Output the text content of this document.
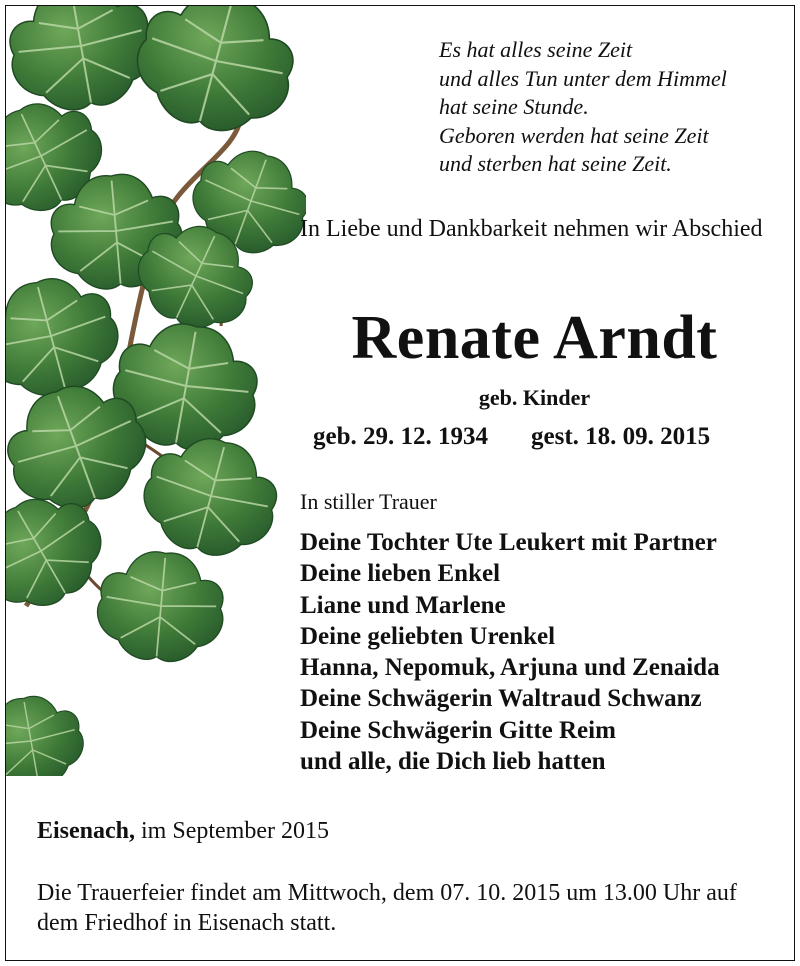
Es hat alles seine Zeit
und alles Tun unter dem Himmel
hat seine Stunde.
Geboren werden hat seine Zeit
und sterben hat seine Zeit.
In Liebe und Dankbarkeit nehmen wir Abschied
Renate Arndt
geb. Kinder
geb. 29. 12. 1934 gest. 18. 09. 2015
In stiller Trauer
Deine Tochter Ute Leukert mit Partner
Deine lieben Enkel
Liane und Marlene
Deine geliebten Urenkel
Hanna, Nepomuk, Arjuna und Zenaida
Deine Schwägerin Waltraud Schwanz
Deine Schwägerin Gitte Reim
und alle, die Dich lieb hatten
Eisenach, im September 2015
Die Trauerfeier findet am Mittwoch, dem 07. 10. 2015 um 13.00 Uhr auf dem Friedhof in Eisenach statt.
